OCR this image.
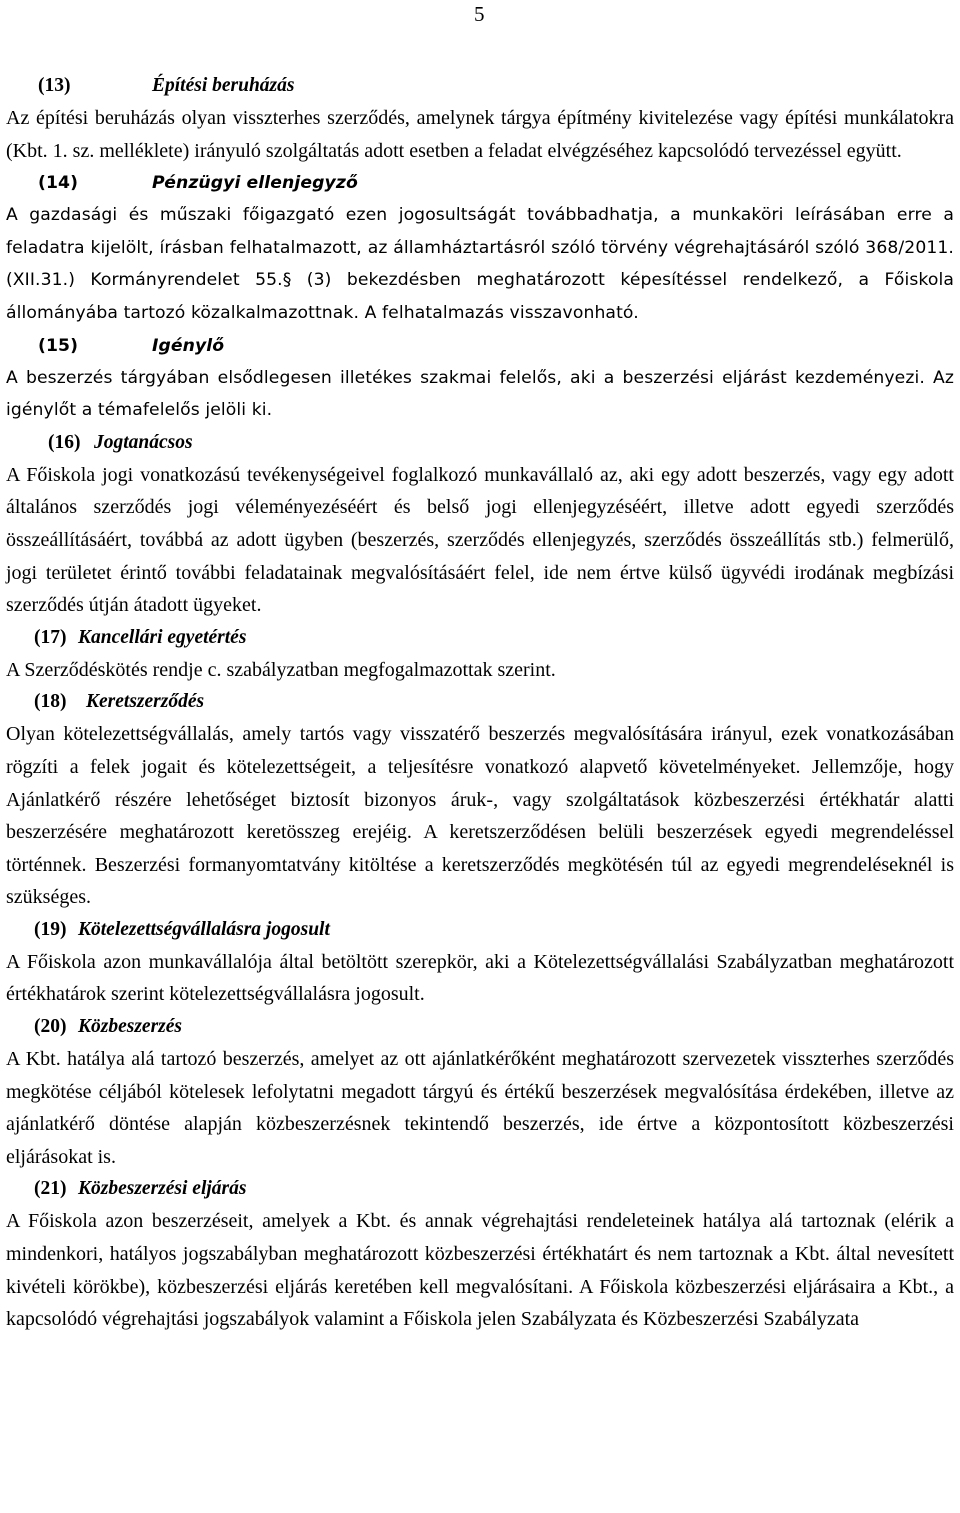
5
(13)	Építési beruházás

Az építési beruházás olyan visszterhes szerződés, amelynek tárgya építmény kivitelezése vagy építési munkálatokra (Kbt. 1. sz. melléklete) irányuló szolgáltatás adott esetben a feladat elvégzéséhez kapcsolódó tervezéssel együtt.

(14)	Pénzügyi ellenjegyző

A gazdasági és műszaki főigazgató ezen jogosultságát továbbadhatja, a munkaköri leírásában erre a feladatra kijelölt, írásban felhatalmazott, az államháztartásról szóló törvény végrehajtásáról szóló 368/2011. (XII.31.) Kormányrendelet 55.§ (3) bekezdésben meghatározott képesítéssel rendelkező, a Főiskola állományába tartozó közalkalmazottnak. A felhatalmazás visszavonható.

(15)	Igénylő

A beszerzés tárgyában elsődlegesen illetékes szakmai felelős, aki a beszerzési eljárást kezdeményezi. Az igénylőt a témafelelős jelöli ki.

(16) Jogtanácsos

A Főiskola jogi vonatkozású tevékenységeivel foglalkozó munkavállaló az, aki egy adott beszerzés, vagy egy adott általános szerződés jogi véleményezéséért és belső jogi ellenjegyzéséért, illetve adott egyedi szerződés összeállításáért, továbbá az adott ügyben (beszerzés, szerződés ellenjegyzés, szerződés összeállítás stb.) felmerülő, jogi területet érintő további feladatainak megvalósításáért felel, ide nem értve külső ügyvédi irodának megbízási szerződés útján átadott ügyeket.

(17) Kancellári egyetértés

A Szerződéskötés rendje c. szabályzatban megfogalmazottak szerint.

(18) Keretszerződés

Olyan kötelezettségvállalás, amely tartós vagy visszatérő beszerzés megvalósítására irányul, ezek vonatkozásában rögzíti a felek jogait és kötelezettségeit, a teljesítésre vonatkozó alapvető követelményeket. Jellemzője, hogy Ajánlatkérő részére lehetőséget biztosít bizonyos áruk-, vagy szolgáltatások közbeszerzési értékhatár alatti beszerzésére meghatározott keretösszeg erejéig. A keretszerződésen belüli beszerzések egyedi megrendeléssel történnek. Beszerzési formanyomtatvány kitöltése a keretszerződés megkötésén túl az egyedi megrendeléseknél is szükséges.

(19) Kötelezettségvállalásra jogosult

A Főiskola azon munkavállalója által betöltött szerepkör, aki a Kötelezettségvállalási Szabályzatban meghatározott értékhatárok szerint kötelezettségvállalásra jogosult.

(20) Közbeszerzés

A Kbt. hatálya alá tartozó beszerzés, amelyet az ott ajánlatkérőként meghatározott szervezetek visszterhes szerződés megkötése céljából kötelesek lefolytatni megadott tárgyú és értékű beszerzések megvalósítása érdekében, illetve az ajánlatkérő döntése alapján közbeszerzésnek tekintendő beszerzés, ide értve a központosított közbeszerzési eljárásokat is.

(21) Közbeszerzési eljárás

A Főiskola azon beszerzéseit, amelyek a Kbt. és annak végrehajtási rendeleteinek hatálya alá tartoznak (elérik a mindenkori, hatályos jogszabályban meghatározott közbeszerzési értékhatárt és nem tartoznak a Kbt. által nevesített kivételi körökbe), közbeszerzési eljárás keretében kell megvalósítani. A Főiskola közbeszerzési eljárásaira a Kbt., a kapcsolódó végrehajtási jogszabályok valamint a Főiskola jelen Szabályzata és Közbeszerzési Szabályzata
